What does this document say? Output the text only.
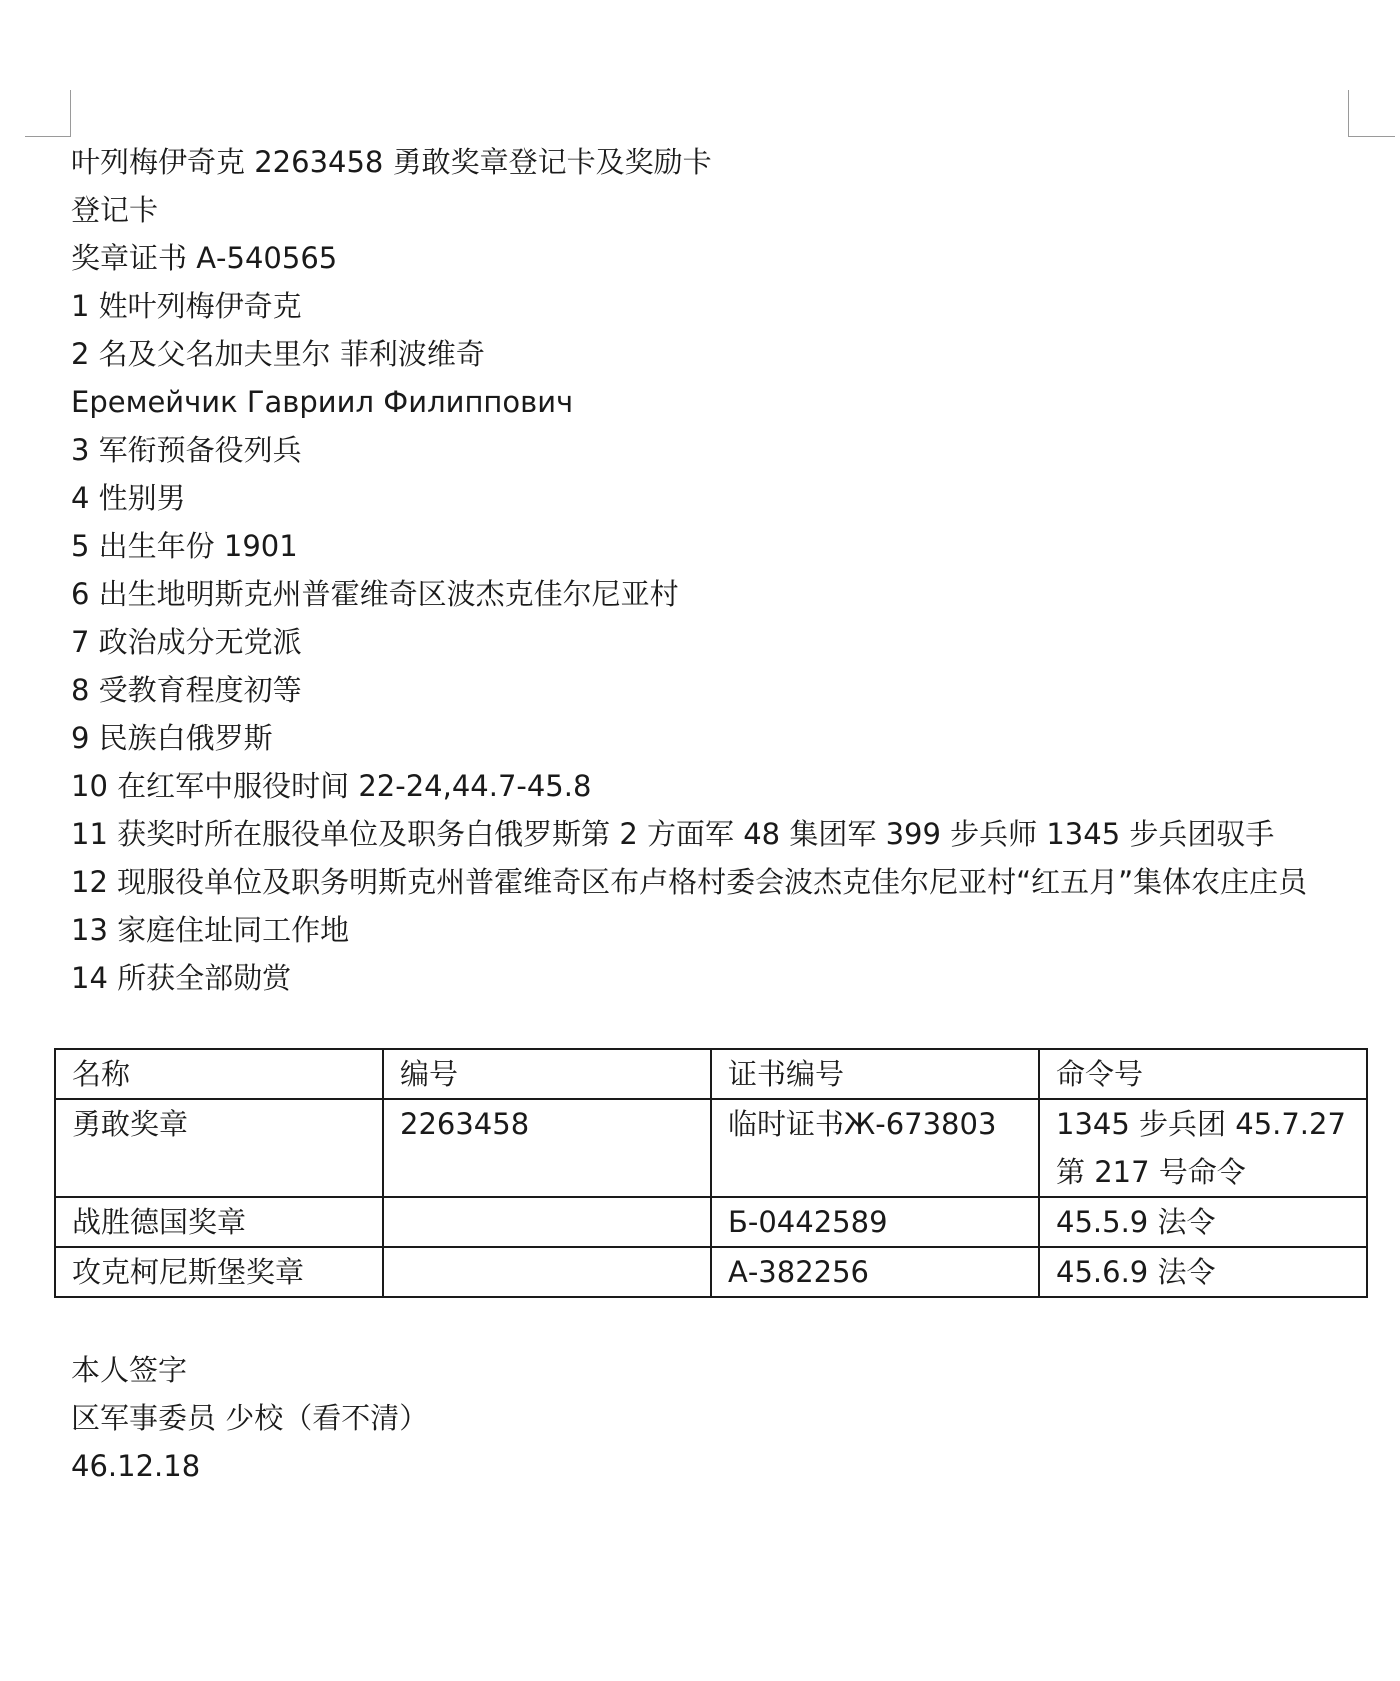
叶列梅伊奇克 2263458 勇敢奖章登记卡及奖励卡
登记卡
奖章证书 А-540565
1 姓叶列梅伊奇克
2 名及父名加夫里尔 菲利波维奇
Еремейчик Гавриил Филиппович
3 军衔预备役列兵
4 性别男
5 出生年份 1901
6 出生地明斯克州普霍维奇区波杰克佳尔尼亚村
7 政治成分无党派
8 受教育程度初等
9 民族白俄罗斯
10 在红军中服役时间 22-24,44.7-45.8
11 获奖时所在服役单位及职务白俄罗斯第 2 方面军 48 集团军 399 步兵师 1345 步兵团驭手
12 现服役单位及职务明斯克州普霍维奇区布卢格村委会波杰克佳尔尼亚村“红五月”集体农庄庄员
13 家庭住址同工作地
14 所获全部勋赏
名称	编号	证书编号	命令号
勇敢奖章	2263458	临时证书Ж-673803	1345 步兵团 45.7.27 第 217 号命令
战胜德国奖章		Б-0442589	45.5.9 法令
攻克柯尼斯堡奖章		А-382256	45.6.9 法令
本人签字
区军事委员 少校（看不清）
46.12.18
